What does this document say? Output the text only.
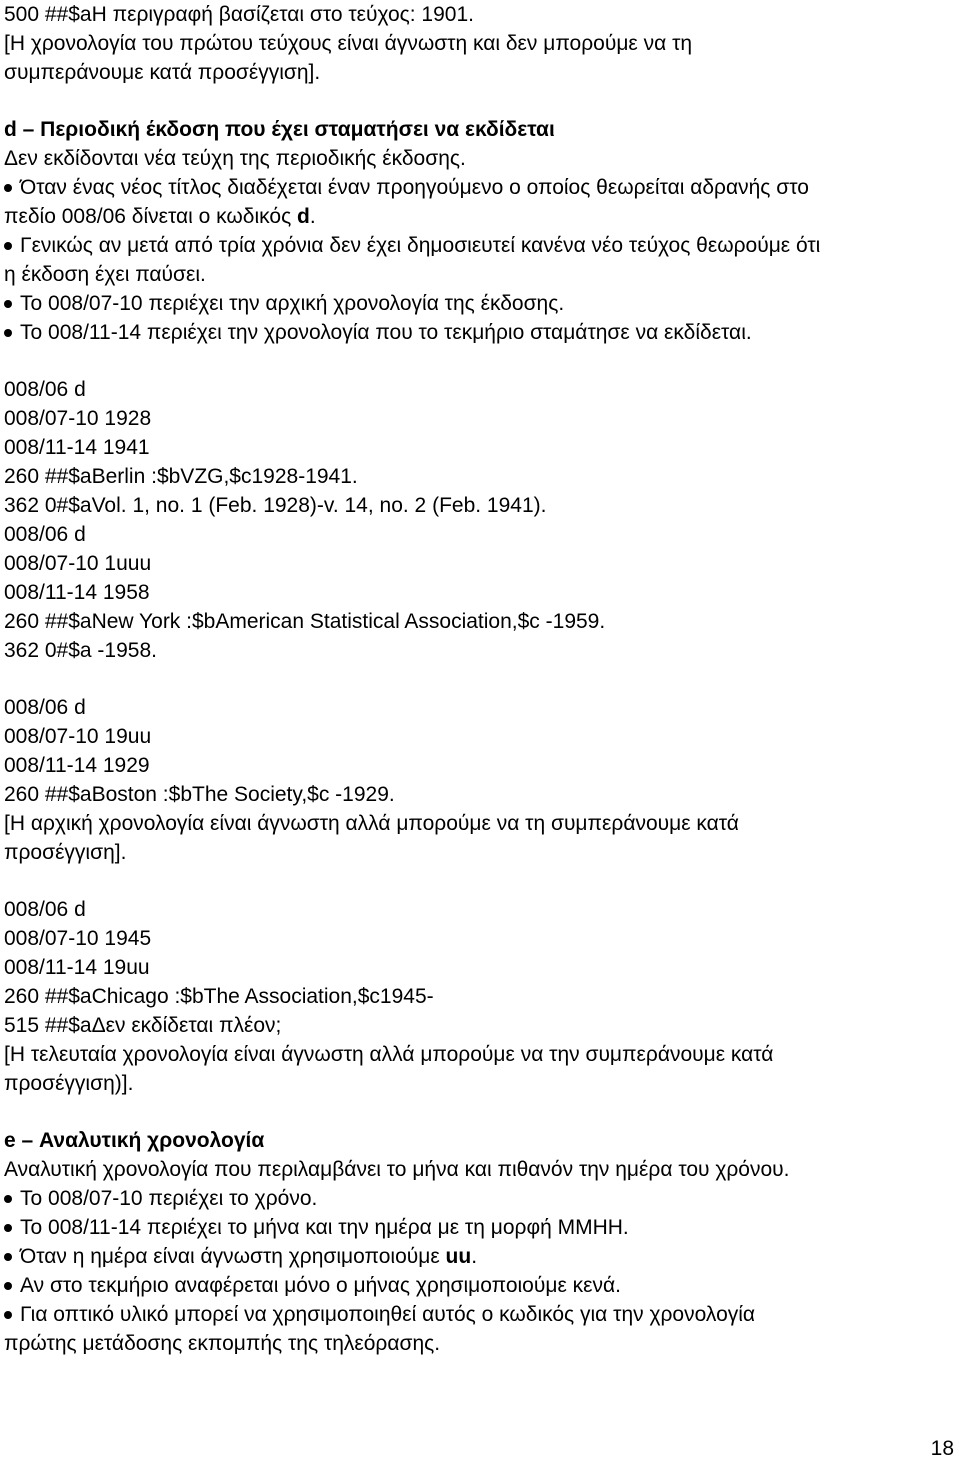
500 ##$aΗ περιγραφή βασίζεται στο τεύχος: 1901.
[Η χρονολογία του πρώτου τεύχους είναι άγνωστη και δεν μπορούμε να τη
συμπεράνουμε κατά προσέγγιση].
d – Περιοδική έκδοση που έχει σταματήσει να εκδίδεται
Δεν εκδίδονται νέα τεύχη της περιοδικής έκδοσης.
Όταν ένας νέος τίτλος διαδέχεται έναν προηγούμενο ο οποίος θεωρείται αδρανής στο
πεδίο 008/06 δίνεται ο κωδικός d.
Γενικώς αν μετά από τρία χρόνια δεν έχει δημοσιευτεί κανένα νέο τεύχος θεωρούμε ότι
η έκδοση έχει παύσει.
Το 008/07-10 περιέχει την αρχική χρονολογία της έκδοσης.
Το 008/11-14 περιέχει την χρονολογία που το τεκμήριο σταμάτησε να εκδίδεται.
008/06 d
008/07-10 1928
008/11-14 1941
260 ##$aBerlin :$bVZG,$c1928-1941.
362 0#$aVol. 1, no. 1 (Feb. 1928)-v. 14, no. 2 (Feb. 1941).
008/06 d
008/07-10 1uuu
008/11-14 1958
260 ##$aNew York :$bAmerican Statistical Association,$c -1959.
362 0#$a -1958.
008/06 d
008/07-10 19uu
008/11-14 1929
260 ##$aBoston :$bThe Society,$c -1929.
[Η αρχική χρονολογία είναι άγνωστη αλλά μπορούμε να τη συμπεράνουμε κατά
προσέγγιση].
008/06 d
008/07-10 1945
008/11-14 19uu
260 ##$aChicago :$bThe Association,$c1945-
515 ##$aΔεν εκδίδεται πλέον;
[Η τελευταία χρονολογία είναι άγνωστη αλλά μπορούμε να την συμπεράνουμε κατά
προσέγγιση)].
e – Αναλυτική χρονολογία
Αναλυτική χρονολογία που περιλαμβάνει το μήνα και πιθανόν την ημέρα του χρόνου.
Το 008/07-10 περιέχει το χρόνο.
Το 008/11-14 περιέχει το μήνα και την ημέρα με τη μορφή ΜΜΗΗ.
Όταν η ημέρα είναι άγνωστη χρησιμοποιούμε uu.
Αν στο τεκμήριο αναφέρεται μόνο ο μήνας χρησιμοποιούμε κενά.
Για οπτικό υλικό μπορεί να χρησιμοποιηθεί αυτός ο κωδικός για την χρονολογία
πρώτης μετάδοσης εκπομπής της τηλεόρασης.
18
